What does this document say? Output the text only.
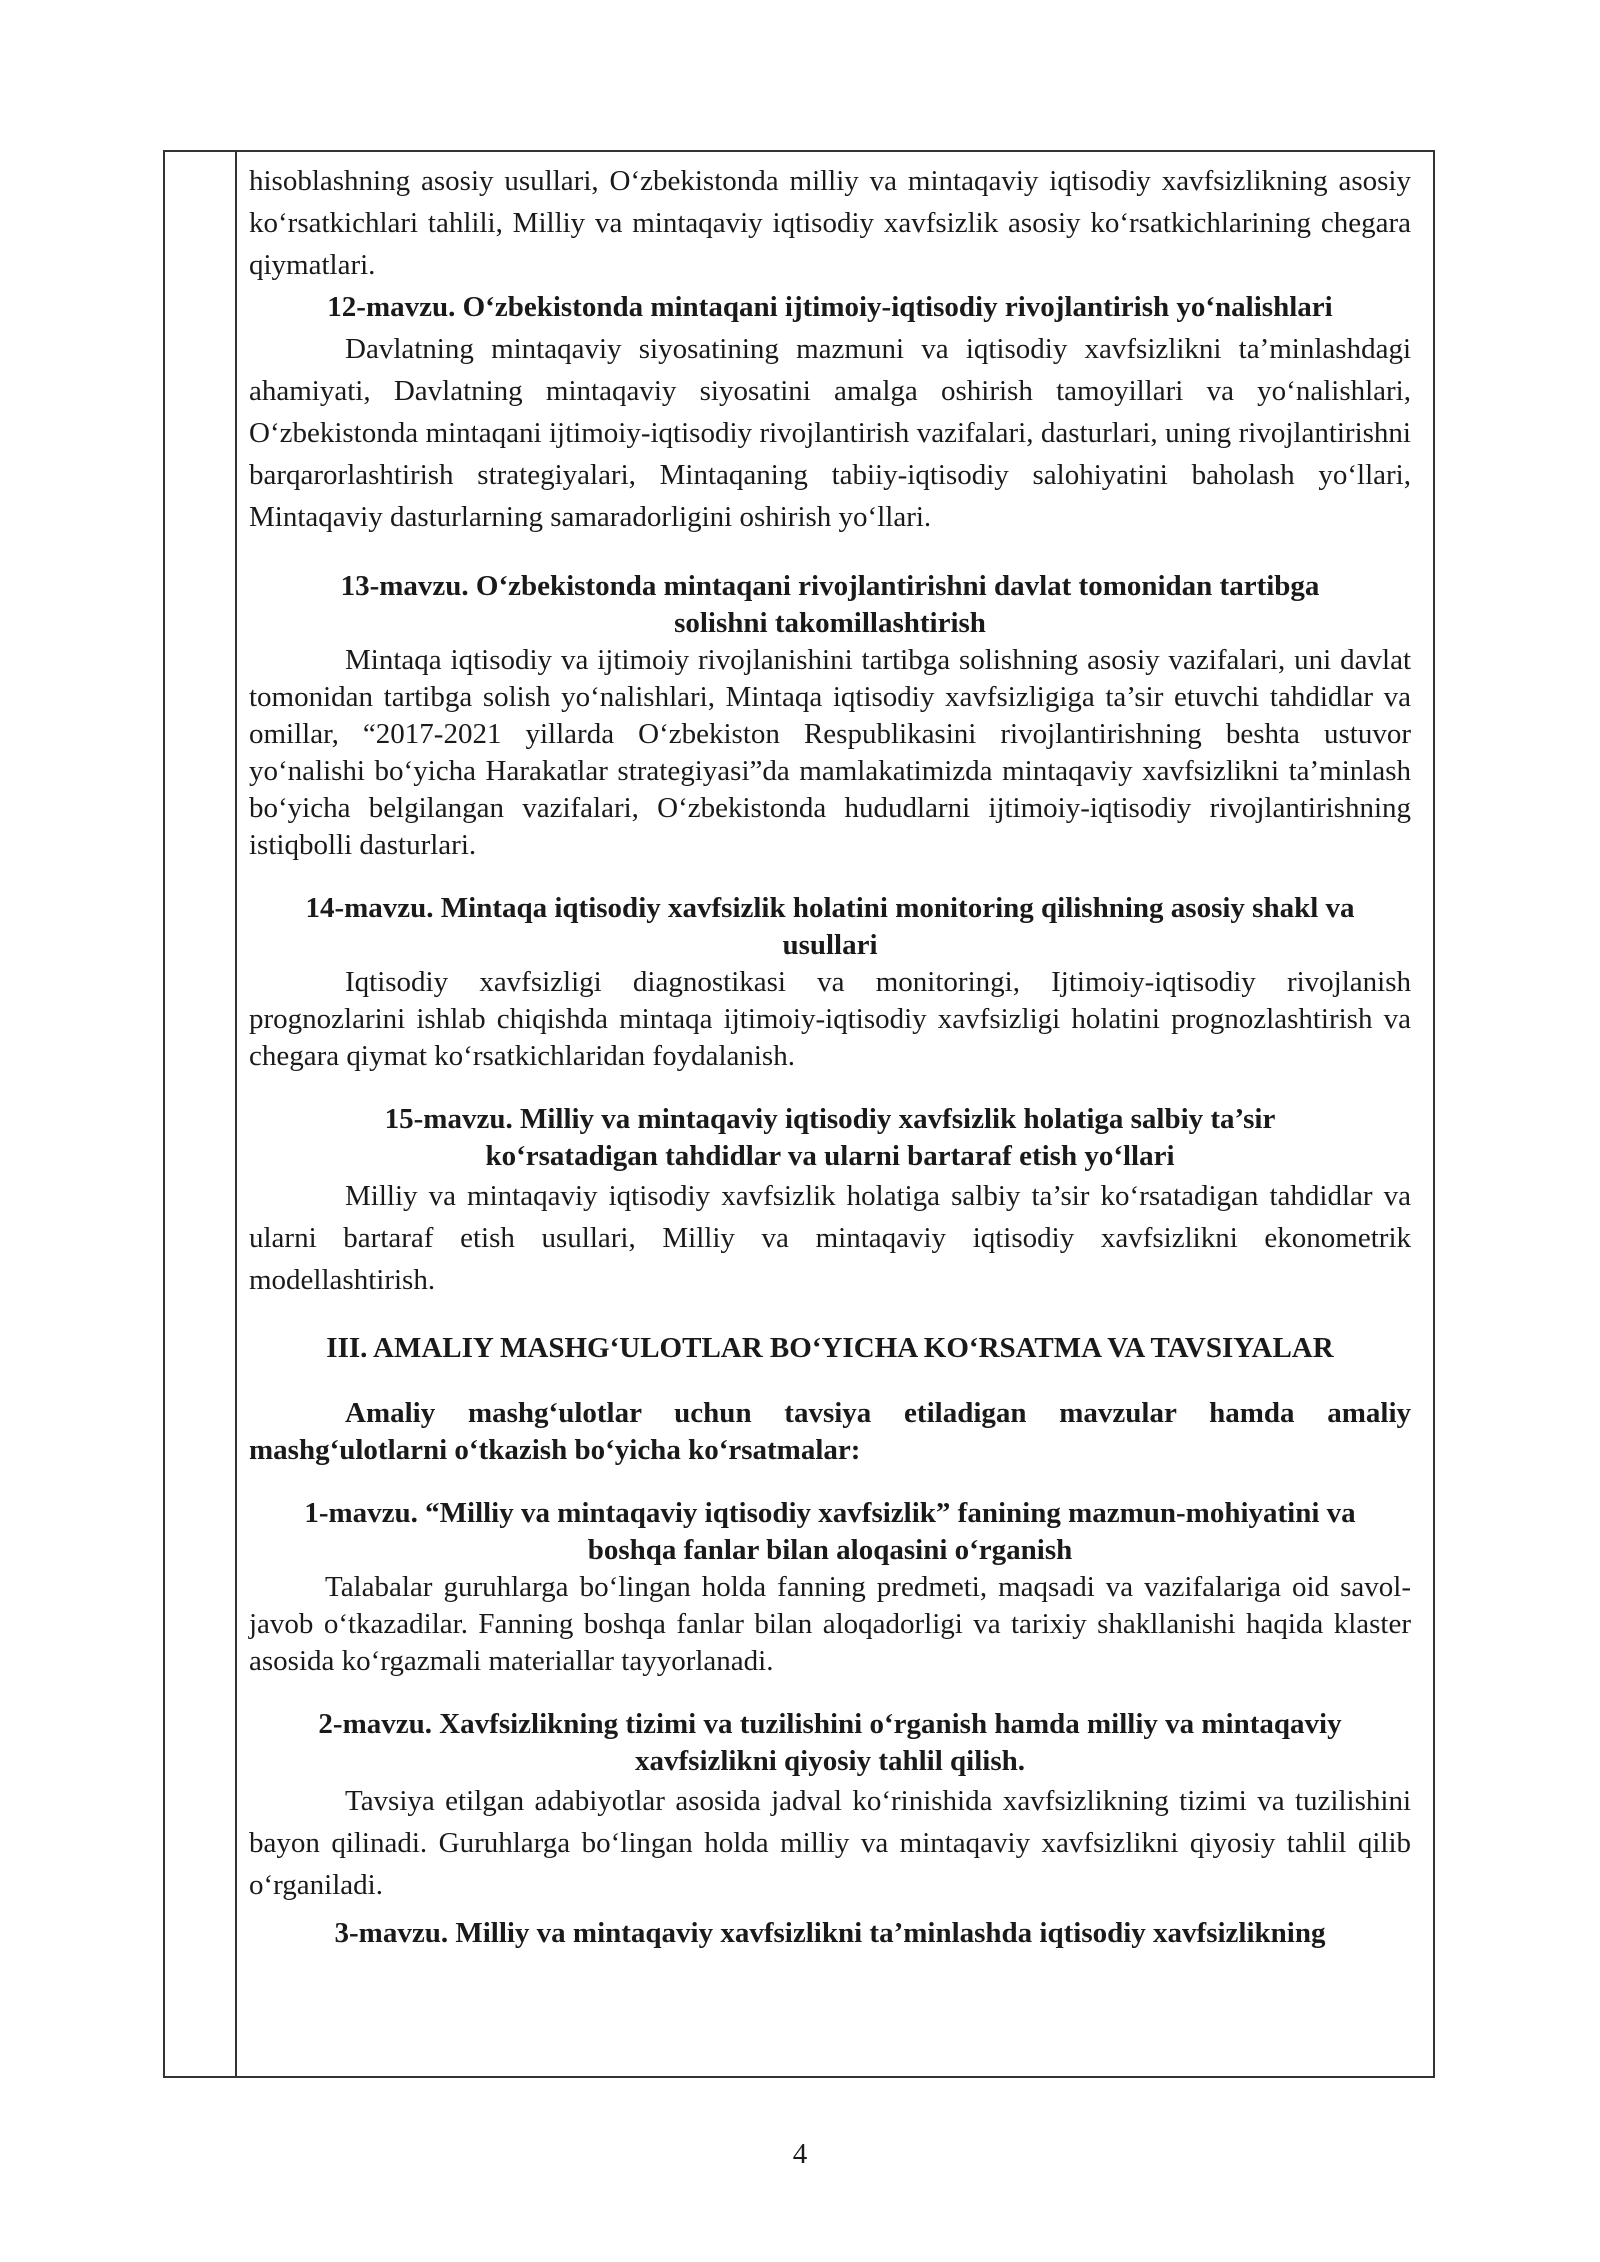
hisoblashning asosiy usullari, O‘zbekistonda milliy va mintaqaviy iqtisodiy xavfsizlikning asosiy ko‘rsatkichlari tahlili, Milliy va mintaqaviy iqtisodiy xavfsizlik asosiy ko‘rsatkichlarining chegara qiymatlari.

12-mavzu. O‘zbekistonda mintaqani ijtimoiy-iqtisodiy rivojlantirish yo‘nalishlari

Davlatning mintaqaviy siyosatining mazmuni va iqtisodiy xavfsizlikni ta’minlashdagi ahamiyati, Davlatning mintaqaviy siyosatini amalga oshirish tamoyillari va yo‘nalishlari, O‘zbekistonda mintaqani ijtimoiy-iqtisodiy rivojlantirish vazifalari, dasturlari, uning rivojlantirishni barqarorlashtirish strategiyalari, Mintaqaning tabiiy-iqtisodiy salohiyatini baholash yo‘llari, Mintaqaviy dasturlarning samaradorligini oshirish yo‘llari.

13-mavzu. O‘zbekistonda mintaqani rivojlantirishni davlat tomonidan tartibga

solishni takomillashtirish

Mintaqa iqtisodiy va ijtimoiy rivojlanishini tartibga solishning asosiy vazifalari, uni davlat tomonidan tartibga solish yo‘nalishlari, Mintaqa iqtisodiy xavfsizligiga ta’sir etuvchi tahdidlar va omillar, “2017-2021 yillarda O‘zbekiston Respublikasini rivojlantirishning beshta ustuvor yo‘nalishi bo‘yicha Harakatlar strategiyasi”da mamlakatimizda mintaqaviy xavfsizlikni ta’minlash bo‘yicha belgilangan vazifalari, O‘zbekistonda hududlarni ijtimoiy-iqtisodiy rivojlantirishning istiqbolli dasturlari.

14-mavzu. Mintaqa iqtisodiy xavfsizlik holatini monitoring qilishning asosiy shakl va

usullari

Iqtisodiy xavfsizligi diagnostikasi va monitoringi, Ijtimoiy-iqtisodiy rivojlanish prognozlarini ishlab chiqishda mintaqa ijtimoiy-iqtisodiy xavfsizligi holatini prognozlashtirish va chegara qiymat ko‘rsatkichlaridan foydalanish.

15-mavzu. Milliy va mintaqaviy iqtisodiy xavfsizlik holatiga salbiy ta’sir

ko‘rsatadigan tahdidlar va ularni bartaraf etish yo‘llari

Milliy va mintaqaviy iqtisodiy xavfsizlik holatiga salbiy ta’sir ko‘rsatadigan tahdidlar va ularni bartaraf etish usullari, Milliy va mintaqaviy iqtisodiy xavfsizlikni ekonometrik modellashtirish.

III. AMALIY MASHG‘ULOTLAR BO‘YICHA KO‘RSATMA VA TAVSIYALAR

Amaliy mashg‘ulotlar uchun tavsiya etiladigan mavzular hamda amaliy mashg‘ulotlarni o‘tkazish bo‘yicha ko‘rsatmalar:

1-mavzu. “Milliy va mintaqaviy iqtisodiy xavfsizlik” fanining mazmun-mohiyatini va

boshqa fanlar bilan aloqasini o‘rganish

Talabalar guruhlarga bo‘lingan holda fanning predmeti, maqsadi va vazifalariga oid savol-javob o‘tkazadilar. Fanning boshqa fanlar bilan aloqadorligi va tarixiy shakllanishi haqida klaster asosida ko‘rgazmali materiallar tayyorlanadi.

2-mavzu. Xavfsizlikning tizimi va tuzilishini o‘rganish hamda milliy va mintaqaviy

xavfsizlikni qiyosiy tahlil qilish.

Tavsiya etilgan adabiyotlar asosida jadval ko‘rinishida xavfsizlikning tizimi va tuzilishini bayon qilinadi. Guruhlarga bo‘lingan holda milliy va mintaqaviy xavfsizlikni qiyosiy tahlil qilib o‘rganiladi.

3-mavzu. Milliy va mintaqaviy xavfsizlikni ta’minlashda iqtisodiy xavfsizlikning

4
